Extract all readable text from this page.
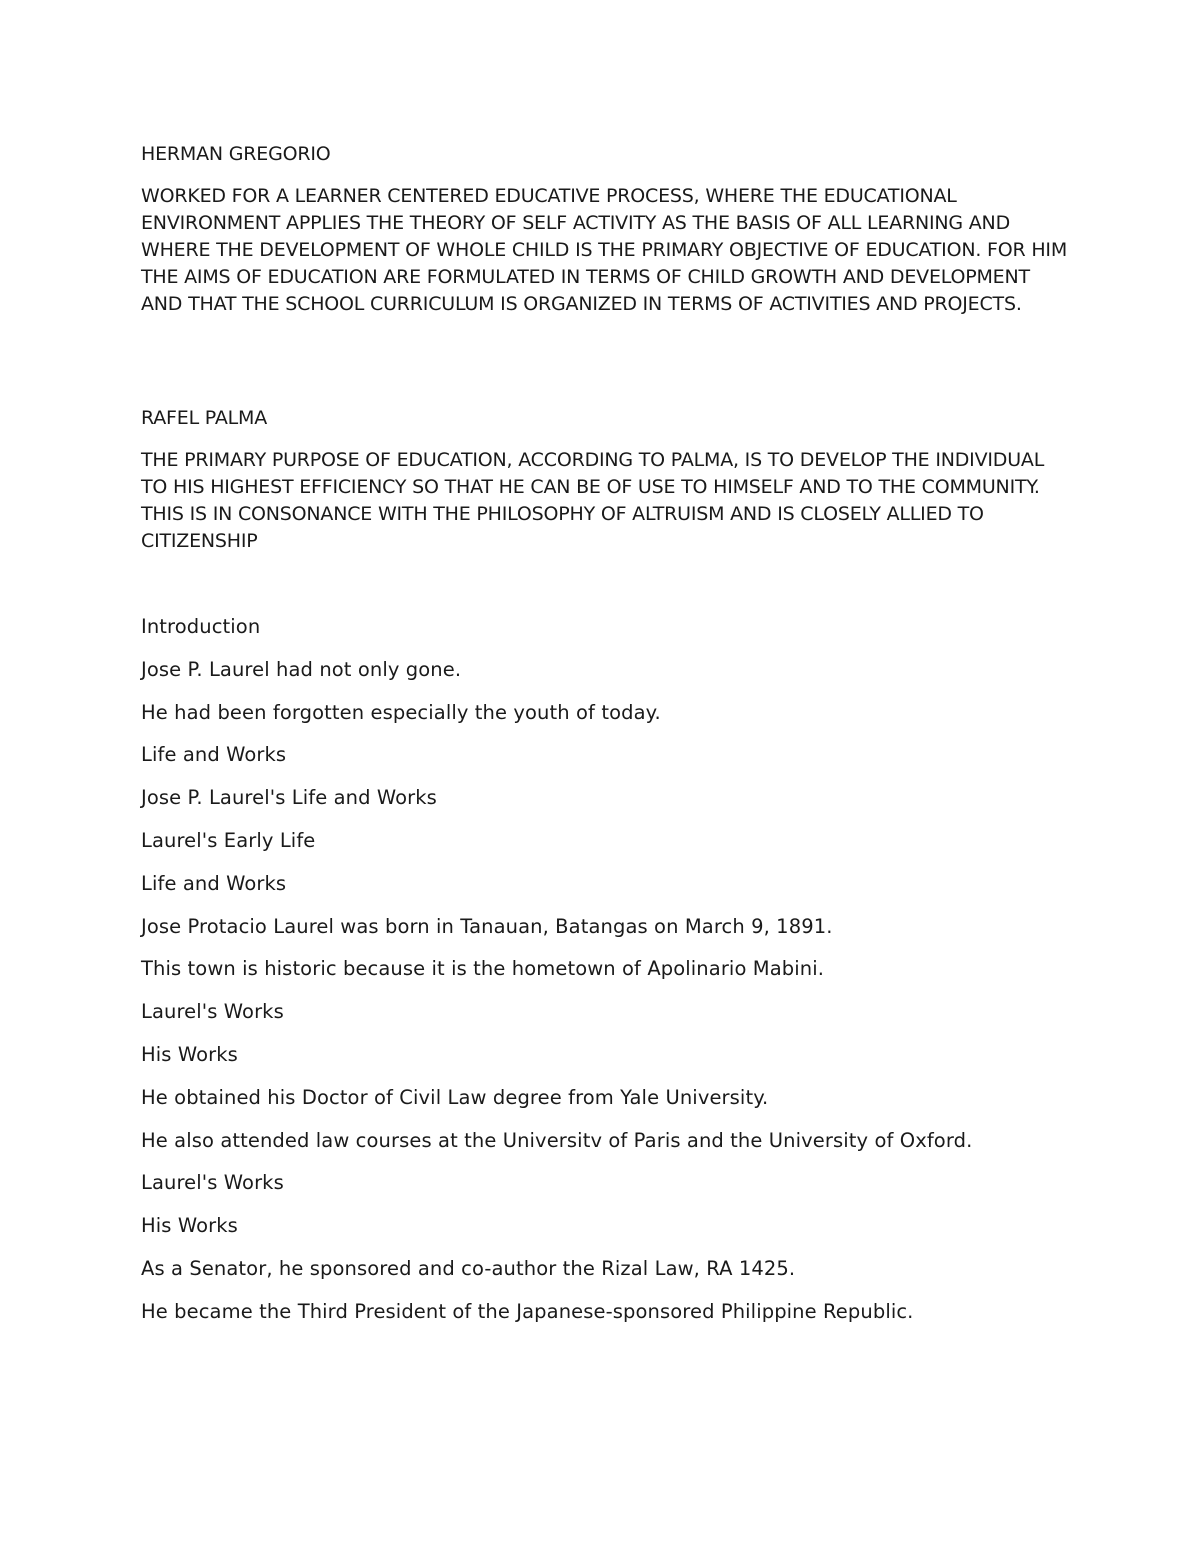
HERMAN GREGORIO

WORKED FOR A LEARNER CENTERED EDUCATIVE PROCESS, WHERE THE EDUCATIONAL ENVIRONMENT APPLIES THE THEORY OF SELF ACTIVITY AS THE BASIS OF ALL LEARNING AND WHERE THE DEVELOPMENT OF WHOLE CHILD IS THE PRIMARY OBJECTIVE OF EDUCATION. FOR HIM THE AIMS OF EDUCATION ARE FORMULATED IN TERMS OF CHILD GROWTH AND DEVELOPMENT AND THAT THE SCHOOL CURRICULUM IS ORGANIZED IN TERMS OF ACTIVITIES AND PROJECTS.

RAFEL PALMA

THE PRIMARY PURPOSE OF EDUCATION, ACCORDING TO PALMA, IS TO DEVELOP THE INDIVIDUAL TO HIS HIGHEST EFFICIENCY SO THAT HE CAN BE OF USE TO HIMSELF AND TO THE COMMUNITY. THIS IS IN CONSONANCE WITH THE PHILOSOPHY OF ALTRUISM AND IS CLOSELY ALLIED TO CITIZENSHIP

Introduction

Jose P. Laurel had not only gone.

He had been forgotten especially the youth of today.

Life and Works

Jose P. Laurel's Life and Works

Laurel's Early Life

Life and Works

Jose Protacio Laurel was born in Tanauan, Batangas on March 9, 1891.

This town is historic because it is the hometown of Apolinario Mabini.

Laurel's Works

His Works

He obtained his Doctor of Civil Law degree from Yale University.

He also attended law courses at the Universitv of Paris and the University of Oxford.

Laurel's Works

His Works

As a Senator, he sponsored and co-author the Rizal Law, RA 1425.

He became the Third President of the Japanese-sponsored Philippine Republic.
